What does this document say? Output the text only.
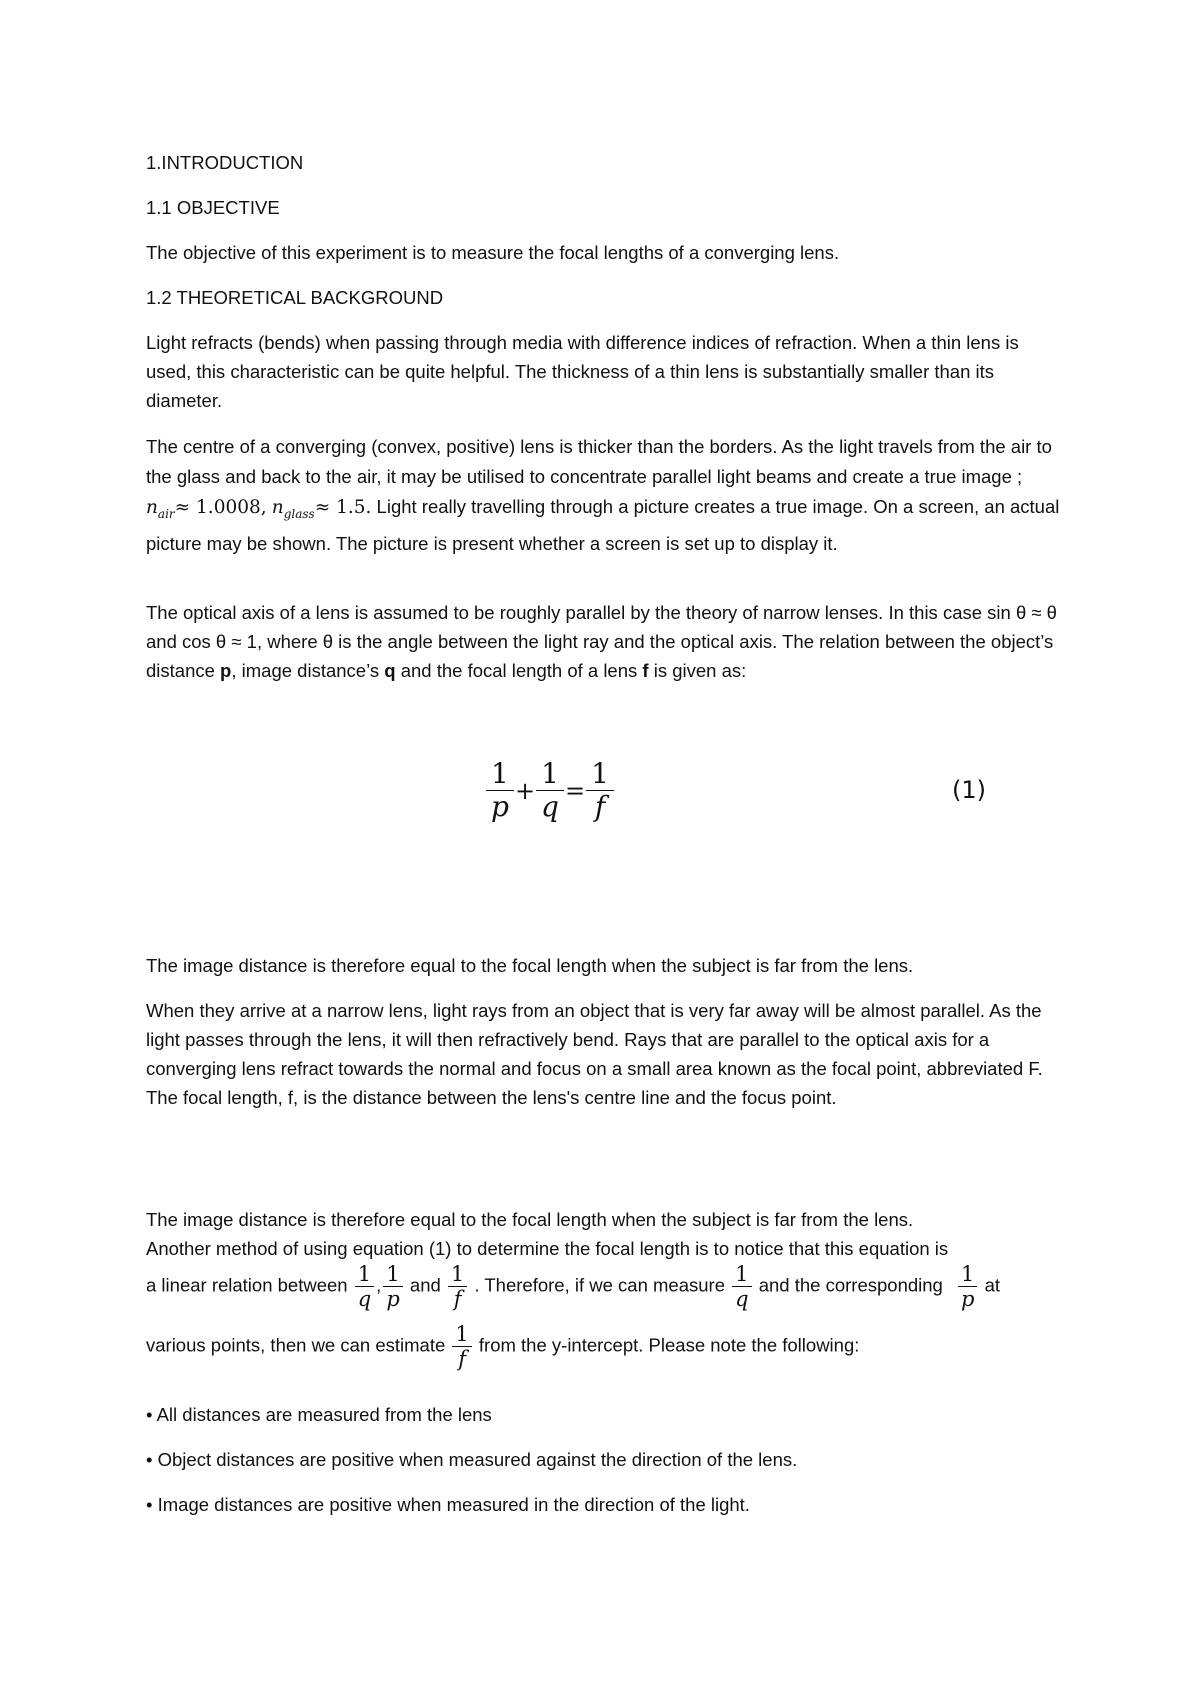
1.INTRODUCTION

1.1 OBJECTIVE

The objective of this experiment is to measure the focal lengths of a converging lens.

1.2 THEORETICAL BACKGROUND

Light refracts (bends) when passing through media with difference indices of refraction. When a thin lens is used, this characteristic can be quite helpful. The thickness of a thin lens is substantially smaller than its diameter.

The centre of a converging (convex, positive) lens is thicker than the borders. As the light travels from the air to the glass and back to the air, it may be utilised to concentrate parallel light beams and create a true image ; $n_{air}\approx 1.0008$, $n_{glass}\approx 1.5$. Light really travelling through a picture creates a true image. On a screen, an actual picture may be shown. The picture is present whether a screen is set up to display it.

The optical axis of a lens is assumed to be roughly parallel by the theory of narrow lenses. In this case sin θ ≈ θ and cos θ ≈ 1, where θ is the angle between the light ray and the optical axis. The relation between the object’s distance p, image distance’s q and the focal length of a lens f is given as:

$\frac{1}{p} + \frac{1}{q} = \frac{1}{f}$	(1)

The image distance is therefore equal to the focal length when the subject is far from the lens.

When they arrive at a narrow lens, light rays from an object that is very far away will be almost parallel. As the light passes through the lens, it will then refractively bend. Rays that are parallel to the optical axis for a converging lens refract towards the normal and focus on a small area known as the focal point, abbreviated F. The focal length, f, is the distance between the lens's centre line and the focus point.

The image distance is therefore equal to the focal length when the subject is far from the lens.

Another method of using equation (1) to determine the focal length is to notice that this equation is

a linear relation between $\frac{1}{q}$ , $\frac{1}{p}$ and $\frac{1}{f}$ . Therefore, if we can measure $\frac{1}{q}$ and the corresponding $\frac{1}{p}$ at
various points, then we can estimate $\frac{1}{f}$ from the y-intercept. Please note the following:

• All distances are measured from the lens

• Object distances are positive when measured against the direction of the lens.

• Image distances are positive when measured in the direction of the light.
